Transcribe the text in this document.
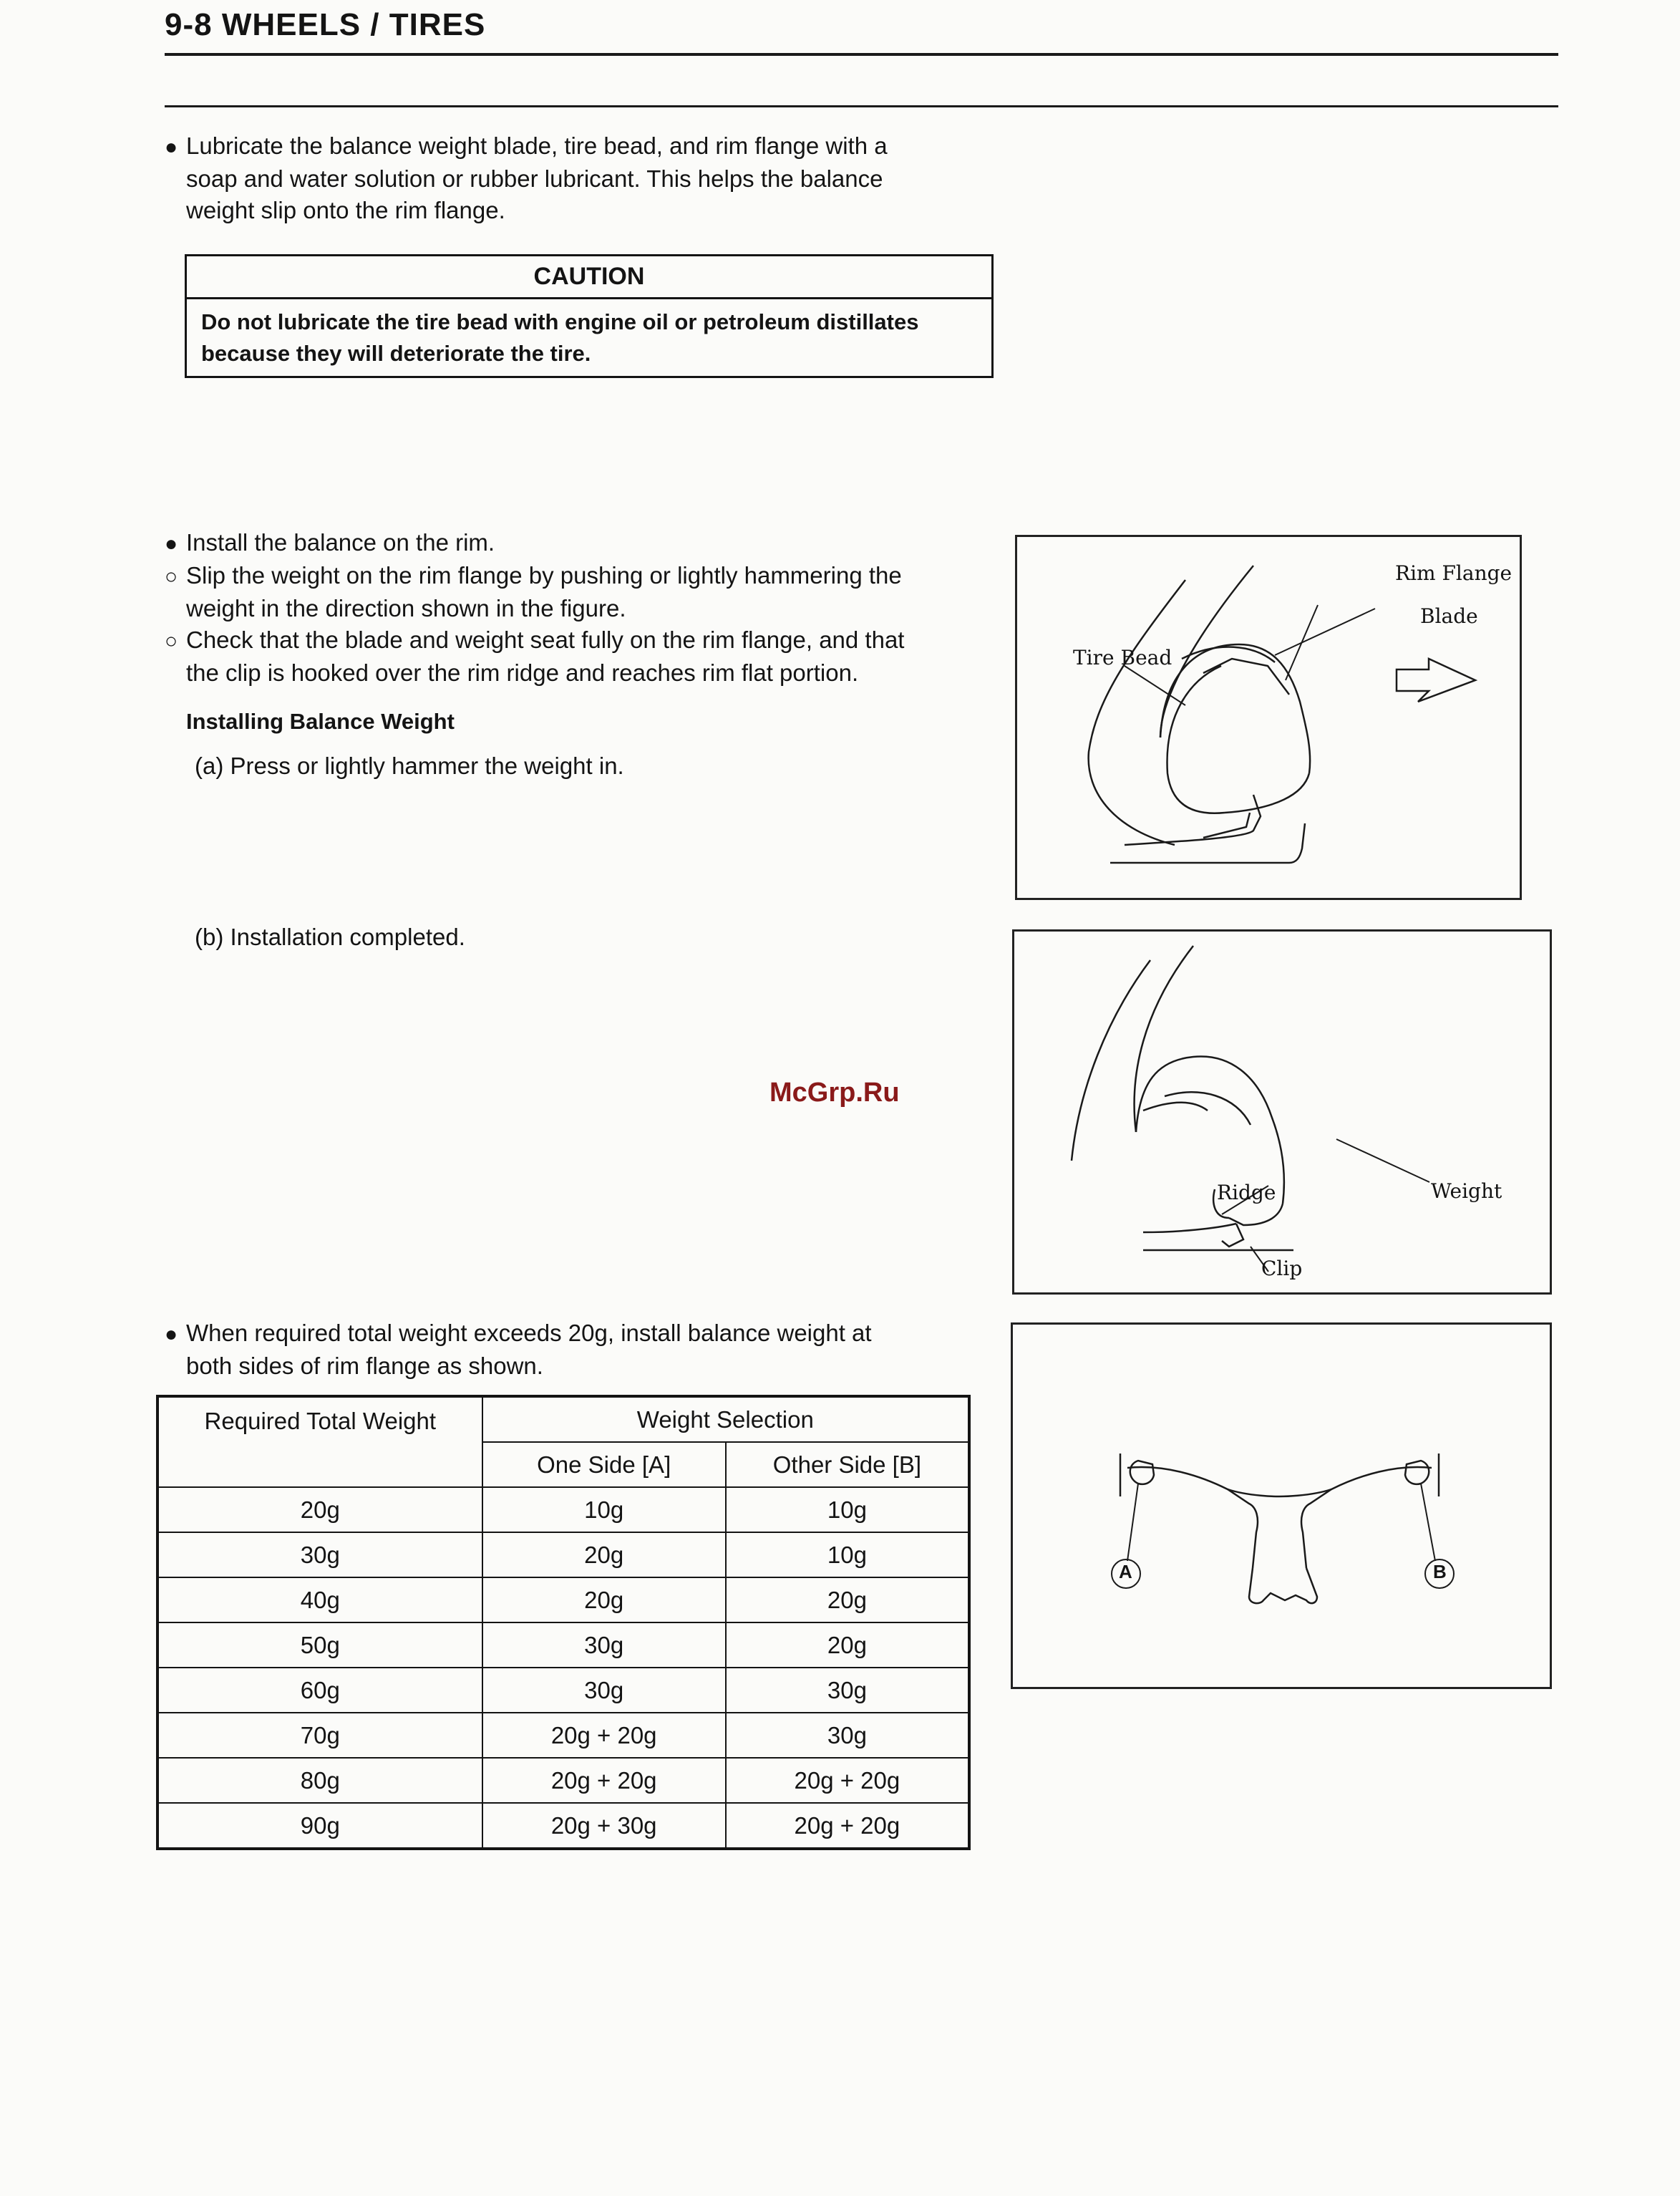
9-8 WHEELS / TIRES
● Lubricate the balance weight blade, tire bead, and rim flange with a
soap and water solution or rubber lubricant. This helps the balance
weight slip onto the rim flange.
CAUTION
Do not lubricate the tire bead with engine oil or petroleum distillates
because they will deteriorate the tire.
● Install the balance on the rim.
○ Slip the weight on the rim flange by pushing or lightly hammering the
weight in the direction shown in the figure.
○ Check that the blade and weight seat fully on the rim flange, and that
the clip is hooked over the rim ridge and reaches rim flat portion.
Installing Balance Weight
(a) Press or lightly hammer the weight in.
(b) Installation completed.
Rim Flange
Blade
Tire Bead
Ridge	Weight
Clip
A	B
McGrp.Ru
● When required total weight exceeds 20g, install balance weight at
both sides of rim flange as shown.
Required Total Weight	Weight Selection	
	One Side [A]	Other Side [B]
20g	10g	10g
30g	20g	10g
40g	20g	20g
50g	30g	20g
60g	30g	30g
70g	20g + 20g	30g
80g	20g + 20g	20g + 20g
90g	20g + 30g	20g + 20g
